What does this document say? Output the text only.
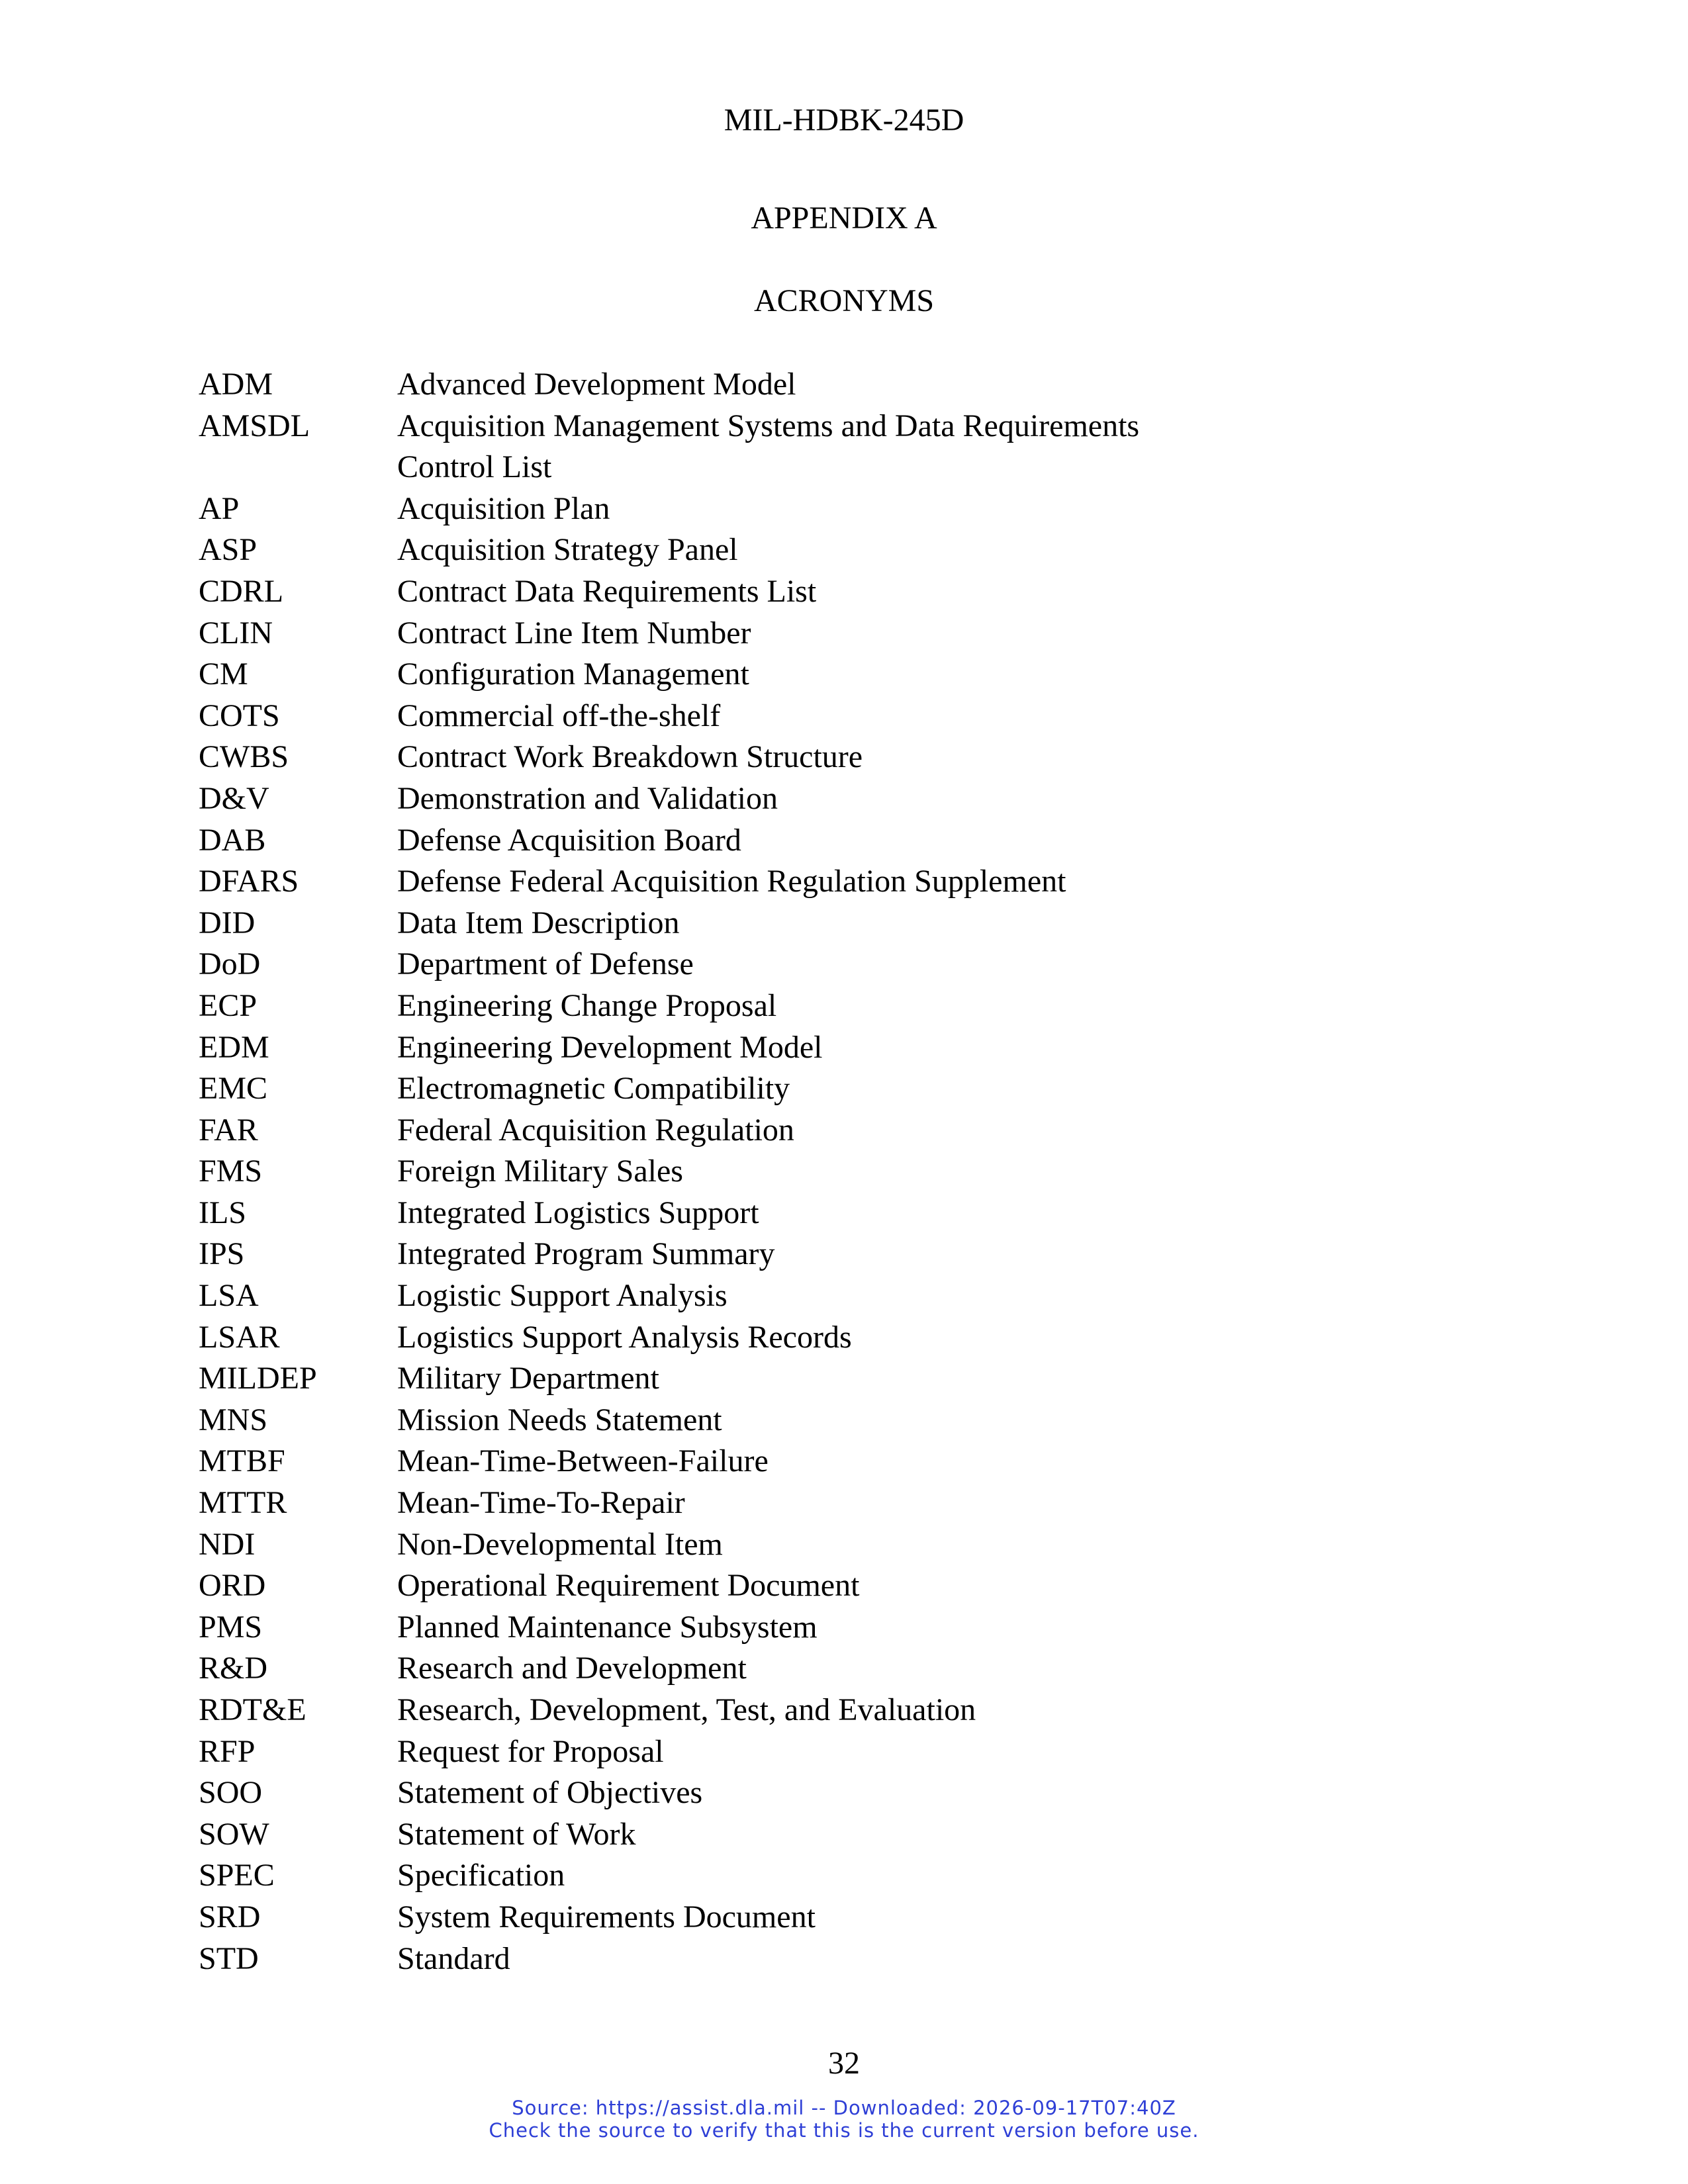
MIL-HDBK-245D
APPENDIX A
ACRONYMS
ADM	Advanced Development Model
AMSDL	Acquisition Management Systems and Data Requirements
Control List
AP	Acquisition Plan
ASP	Acquisition Strategy Panel
CDRL	Contract Data Requirements List
CLIN	Contract Line Item Number
CM	Configuration Management
COTS	Commercial off-the-shelf
CWBS	Contract Work Breakdown Structure
D&V	Demonstration and Validation
DAB	Defense Acquisition Board
DFARS	Defense Federal Acquisition Regulation Supplement
DID	Data Item Description
DoD	Department of Defense
ECP	Engineering Change Proposal
EDM	Engineering Development Model
EMC	Electromagnetic Compatibility
FAR	Federal Acquisition Regulation
FMS	Foreign Military Sales
ILS	Integrated Logistics Support
IPS	Integrated Program Summary
LSA	Logistic Support Analysis
LSAR	Logistics Support Analysis Records
MILDEP	Military Department
MNS	Mission Needs Statement
MTBF	Mean-Time-Between-Failure
MTTR	Mean-Time-To-Repair
NDI	Non-Developmental Item
ORD	Operational Requirement Document
PMS	Planned Maintenance Subsystem
R&D	Research and Development
RDT&E	Research, Development, Test, and Evaluation
RFP	Request for Proposal
SOO	Statement of Objectives
SOW	Statement of Work
SPEC	Specification
SRD	System Requirements Document
STD	Standard
32
Source: https://assist.dla.mil -- Downloaded: 2026-09-17T07:40Z
Check the source to verify that this is the current version before use.
